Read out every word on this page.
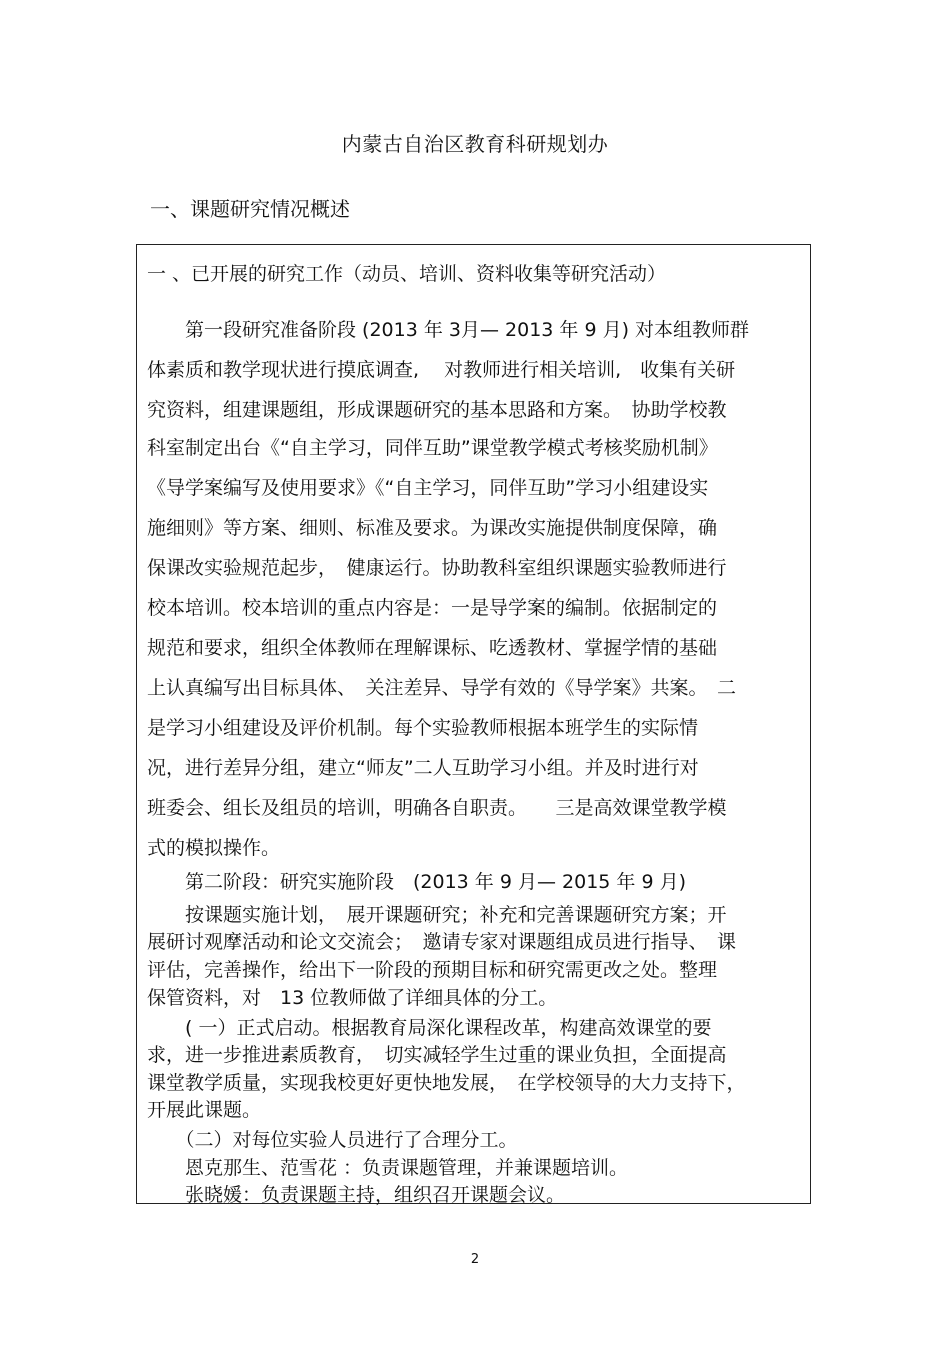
内蒙古自治区教育科研规划办
一、课题研究情况概述
一 、已开展的研究工作（动员、培训、资料收集等研究活动）
　　第一段研究准备阶段 (2013 年 3月— 2013 年 9 月) 对本组教师群
体素质和教学现状进行摸底调查,　 对教师进行相关培训,　收集有关研
究资料，组建课题组，形成课题研究的基本思路和方案。　协助学校教
科室制定出台《“自主学习，同伴互助”课堂教学模式考核奖励机制》
《导学案编写及使用要求》《“自主学习，同伴互助”学习小组建设实
施细则》等方案、细则、标准及要求。为课改实施提供制度保障，确
保课改实验规范起步，　健康运行。协助教科室组织课题实验教师进行
校本培训。校本培训的重点内容是：一是导学案的编制。依据制定的
规范和要求，组织全体教师在理解课标、吃透教材、掌握学情的基础
上认真编写出目标具体、　关注差异、导学有效的《导学案》共案。　二
是学习小组建设及评价机制。每个实验教师根据本班学生的实际情
况，进行差异分组，建立“师友”二人互助学习小组。并及时进行对
班委会、组长及组员的培训，明确各自职责。　　三是高效课堂教学模
式的模拟操作。
　　第二阶段：研究实施阶段　(2013 年 9 月— 2015 年 9 月)
　　按课题实施计划，　展开课题研究；补充和完善课题研究方案；开
展研讨观摩活动和论文交流会；　邀请专家对课题组成员进行指导、　课
评估，完善操作，给出下一阶段的预期目标和研究需更改之处。整理
保管资料，对　13 位教师做了详细具体的分工。
　　( 一）正式启动。根据教育局深化课程改革，构建高效课堂的要
求，进一步推进素质教育，　切实减轻学生过重的课业负担，全面提高
课堂教学质量，实现我校更好更快地发展，　在学校领导的大力支持下，
开展此课题。
　　（二）对每位实验人员进行了合理分工。
　　恩克那生、范雪花 ：负责课题管理，并兼课题培训。
　　张晓媛：负责课题主持，组织召开课题会议。
2
